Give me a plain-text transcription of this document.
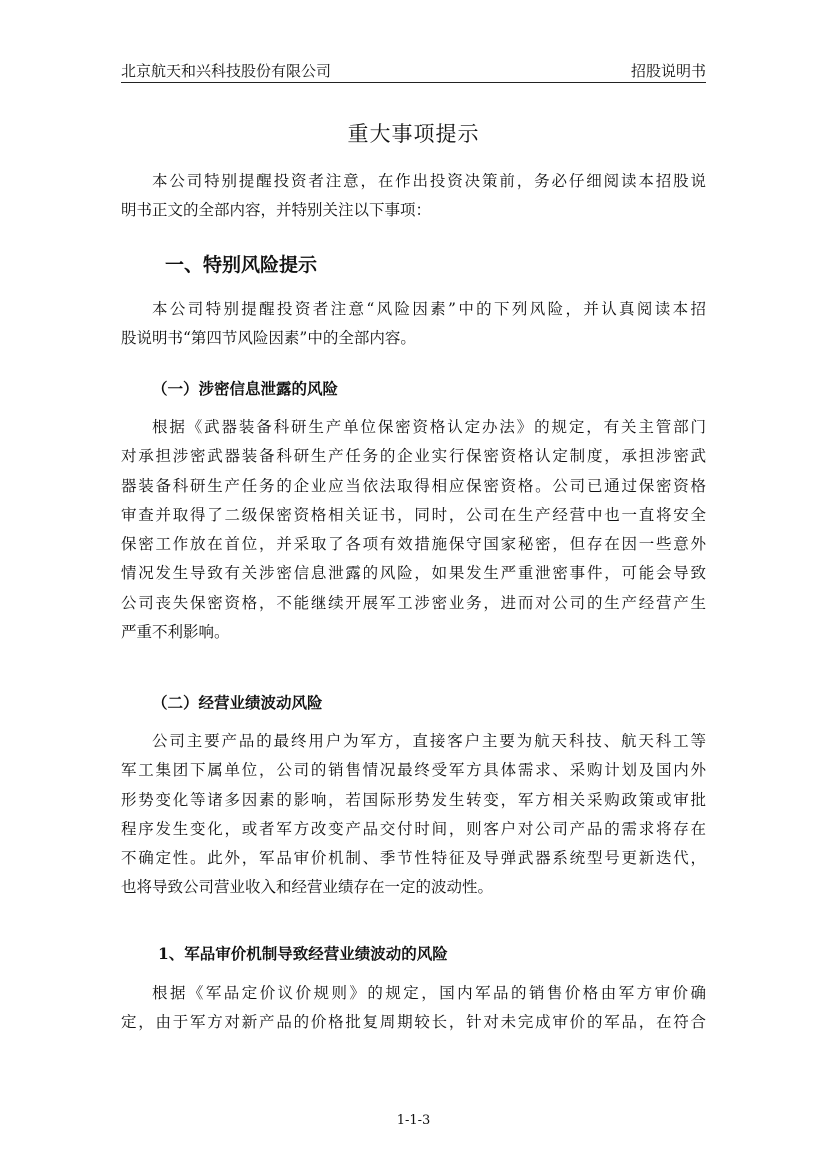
北京航天和兴科技股份有限公司	招股说明书
重大事项提示

本公司特别提醒投资者注意，在作出投资决策前，务必仔细阅读本招股说
明书正文的全部内容，并特别关注以下事项：

一、特别风险提示

本公司特别提醒投资者注意“风险因素”中的下列风险，并认真阅读本招
股说明书“第四节风险因素”中的全部内容。

（一）涉密信息泄露的风险

根据《武器装备科研生产单位保密资格认定办法》的规定，有关主管部门
对承担涉密武器装备科研生产任务的企业实行保密资格认定制度，承担涉密武
器装备科研生产任务的企业应当依法取得相应保密资格。公司已通过保密资格
审查并取得了二级保密资格相关证书，同时，公司在生产经营中也一直将安全
保密工作放在首位，并采取了各项有效措施保守国家秘密，但存在因一些意外
情况发生导致有关涉密信息泄露的风险，如果发生严重泄密事件，可能会导致
公司丧失保密资格，不能继续开展军工涉密业务，进而对公司的生产经营产生
严重不利影响。

（二）经营业绩波动风险

公司主要产品的最终用户为军方，直接客户主要为航天科技、航天科工等
军工集团下属单位，公司的销售情况最终受军方具体需求、采购计划及国内外
形势变化等诸多因素的影响，若国际形势发生转变，军方相关采购政策或审批
程序发生变化，或者军方改变产品交付时间，则客户对公司产品的需求将存在
不确定性。此外，军品审价机制、季节性特征及导弹武器系统型号更新迭代，
也将导致公司营业收入和经营业绩存在一定的波动性。

1、军品审价机制导致经营业绩波动的风险

根据《军品定价议价规则》的规定，国内军品的销售价格由军方审价确
定，由于军方对新产品的价格批复周期较长，针对未完成审价的军品，在符合

1-1-3
